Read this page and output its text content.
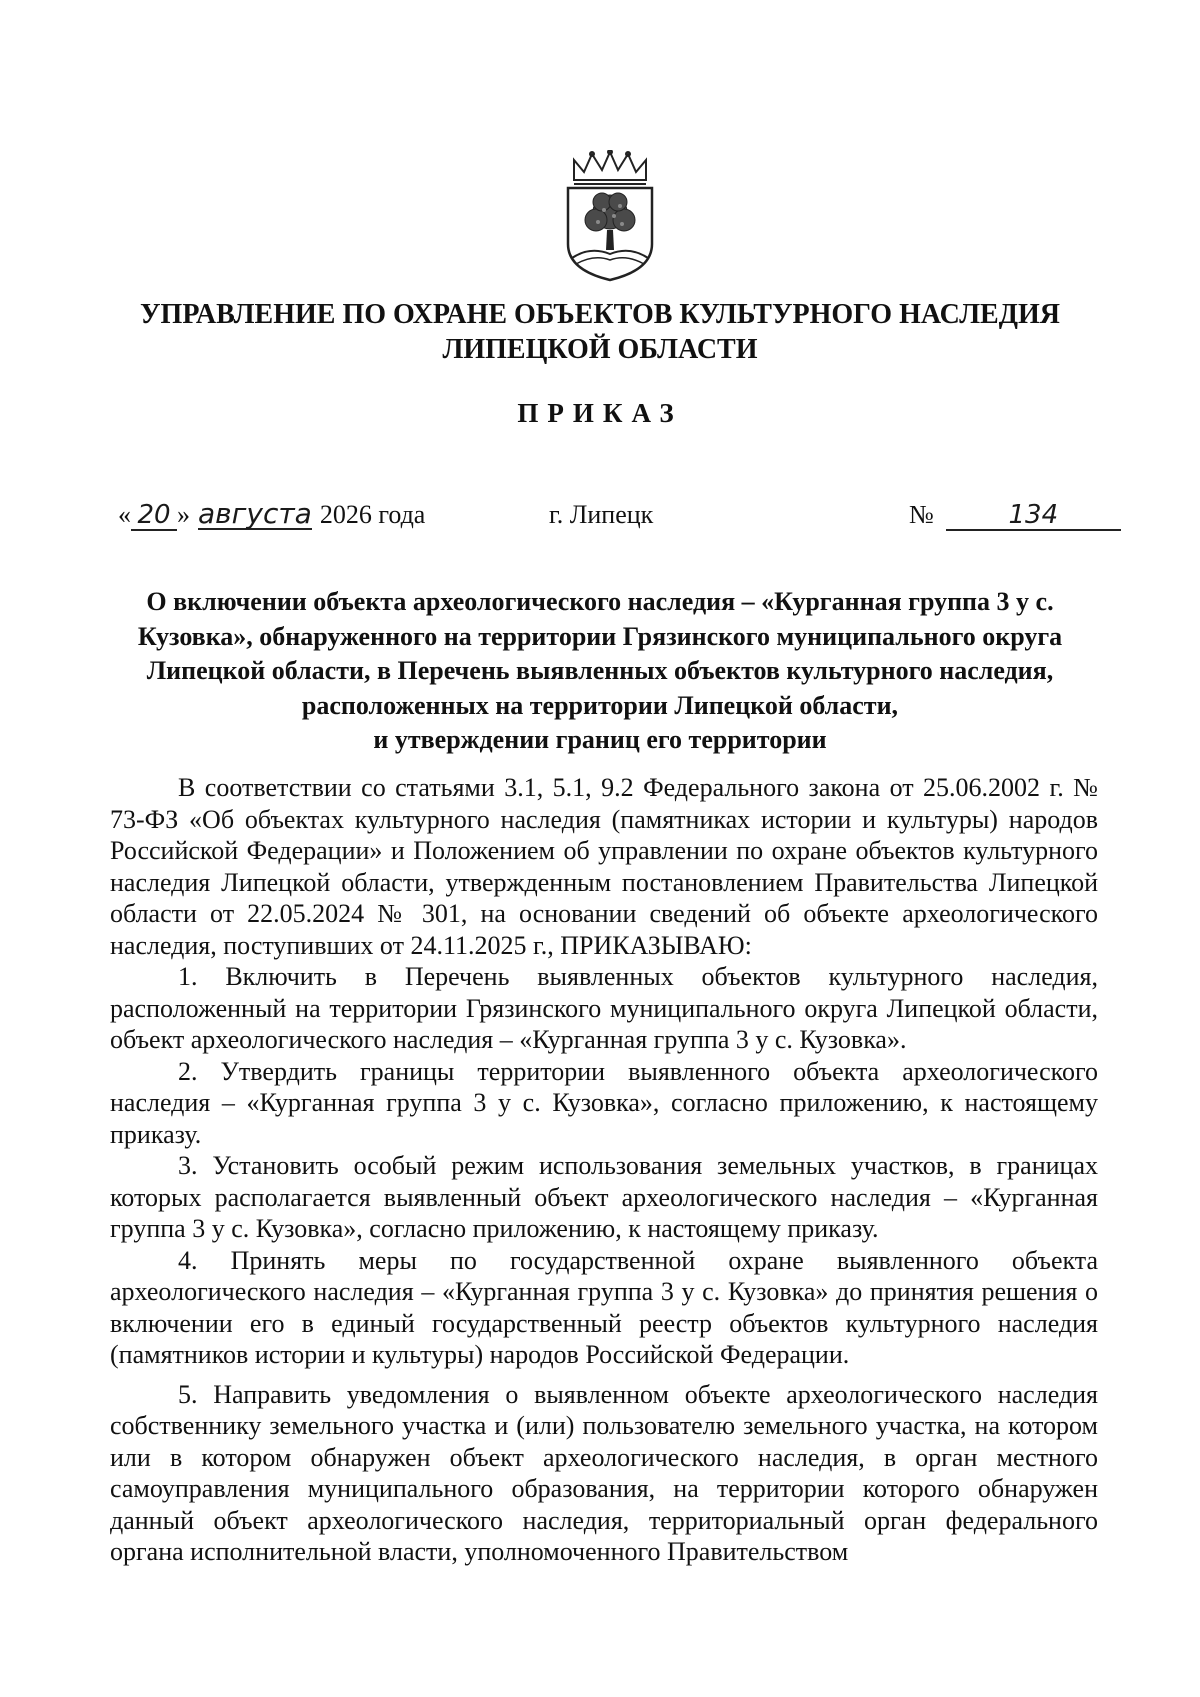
УПРАВЛЕНИЕ ПО ОХРАНЕ ОБЪЕКТОВ КУЛЬТУРНОГО НАСЛЕДИЯ
ЛИПЕЦКОЙ ОБЛАСТИ
ПРИКАЗ
« 20 » августа 2026 года	г. Липецк	№	134
О включении объекта археологического наследия – «Курганная группа 3 у с.
Кузовка», обнаруженного на территории Грязинского муниципального округа
Липецкой области, в Перечень выявленных объектов культурного наследия,
расположенных на территории Липецкой области,
и утверждении границ его территории

В соответствии со статьями 3.1, 5.1, 9.2 Федерального закона от 25.06.2002 г. № 73-ФЗ «Об объектах культурного наследия (памятниках истории и культуры) народов Российской Федерации» и Положением об управлении по охране объектов культурного наследия Липецкой области, утвержденным постановлением Правительства Липецкой области от 22.05.2024 № 301, на основании сведений об объекте археологического наследия, поступивших от 24.11.2025 г., ПРИКАЗЫВАЮ:

1. Включить в Перечень выявленных объектов культурного наследия, расположенный на территории Грязинского муниципального округа Липецкой области, объект археологического наследия – «Курганная группа 3 у с. Кузовка».

2. Утвердить границы территории выявленного объекта археологического наследия – «Курганная группа 3 у с. Кузовка», согласно приложению, к настоящему приказу.

3. Установить особый режим использования земельных участков, в границах которых располагается выявленный объект археологического наследия – «Курганная группа 3 у с. Кузовка», согласно приложению, к настоящему приказу.

4. Принять меры по государственной охране выявленного объекта археологического наследия – «Курганная группа 3 у с. Кузовка» до принятия решения о включении его в единый государственный реестр объектов культурного наследия (памятников истории и культуры) народов Российской Федерации.

5. Направить уведомления о выявленном объекте археологического наследия собственнику земельного участка и (или) пользователю земельного участка, на котором или в котором обнаружен объект археологического наследия, в орган местного самоуправления муниципального образования, на территории которого обнаружен данный объект археологического наследия, территориальный орган федерального органа исполнительной власти, уполномоченного Правительством
